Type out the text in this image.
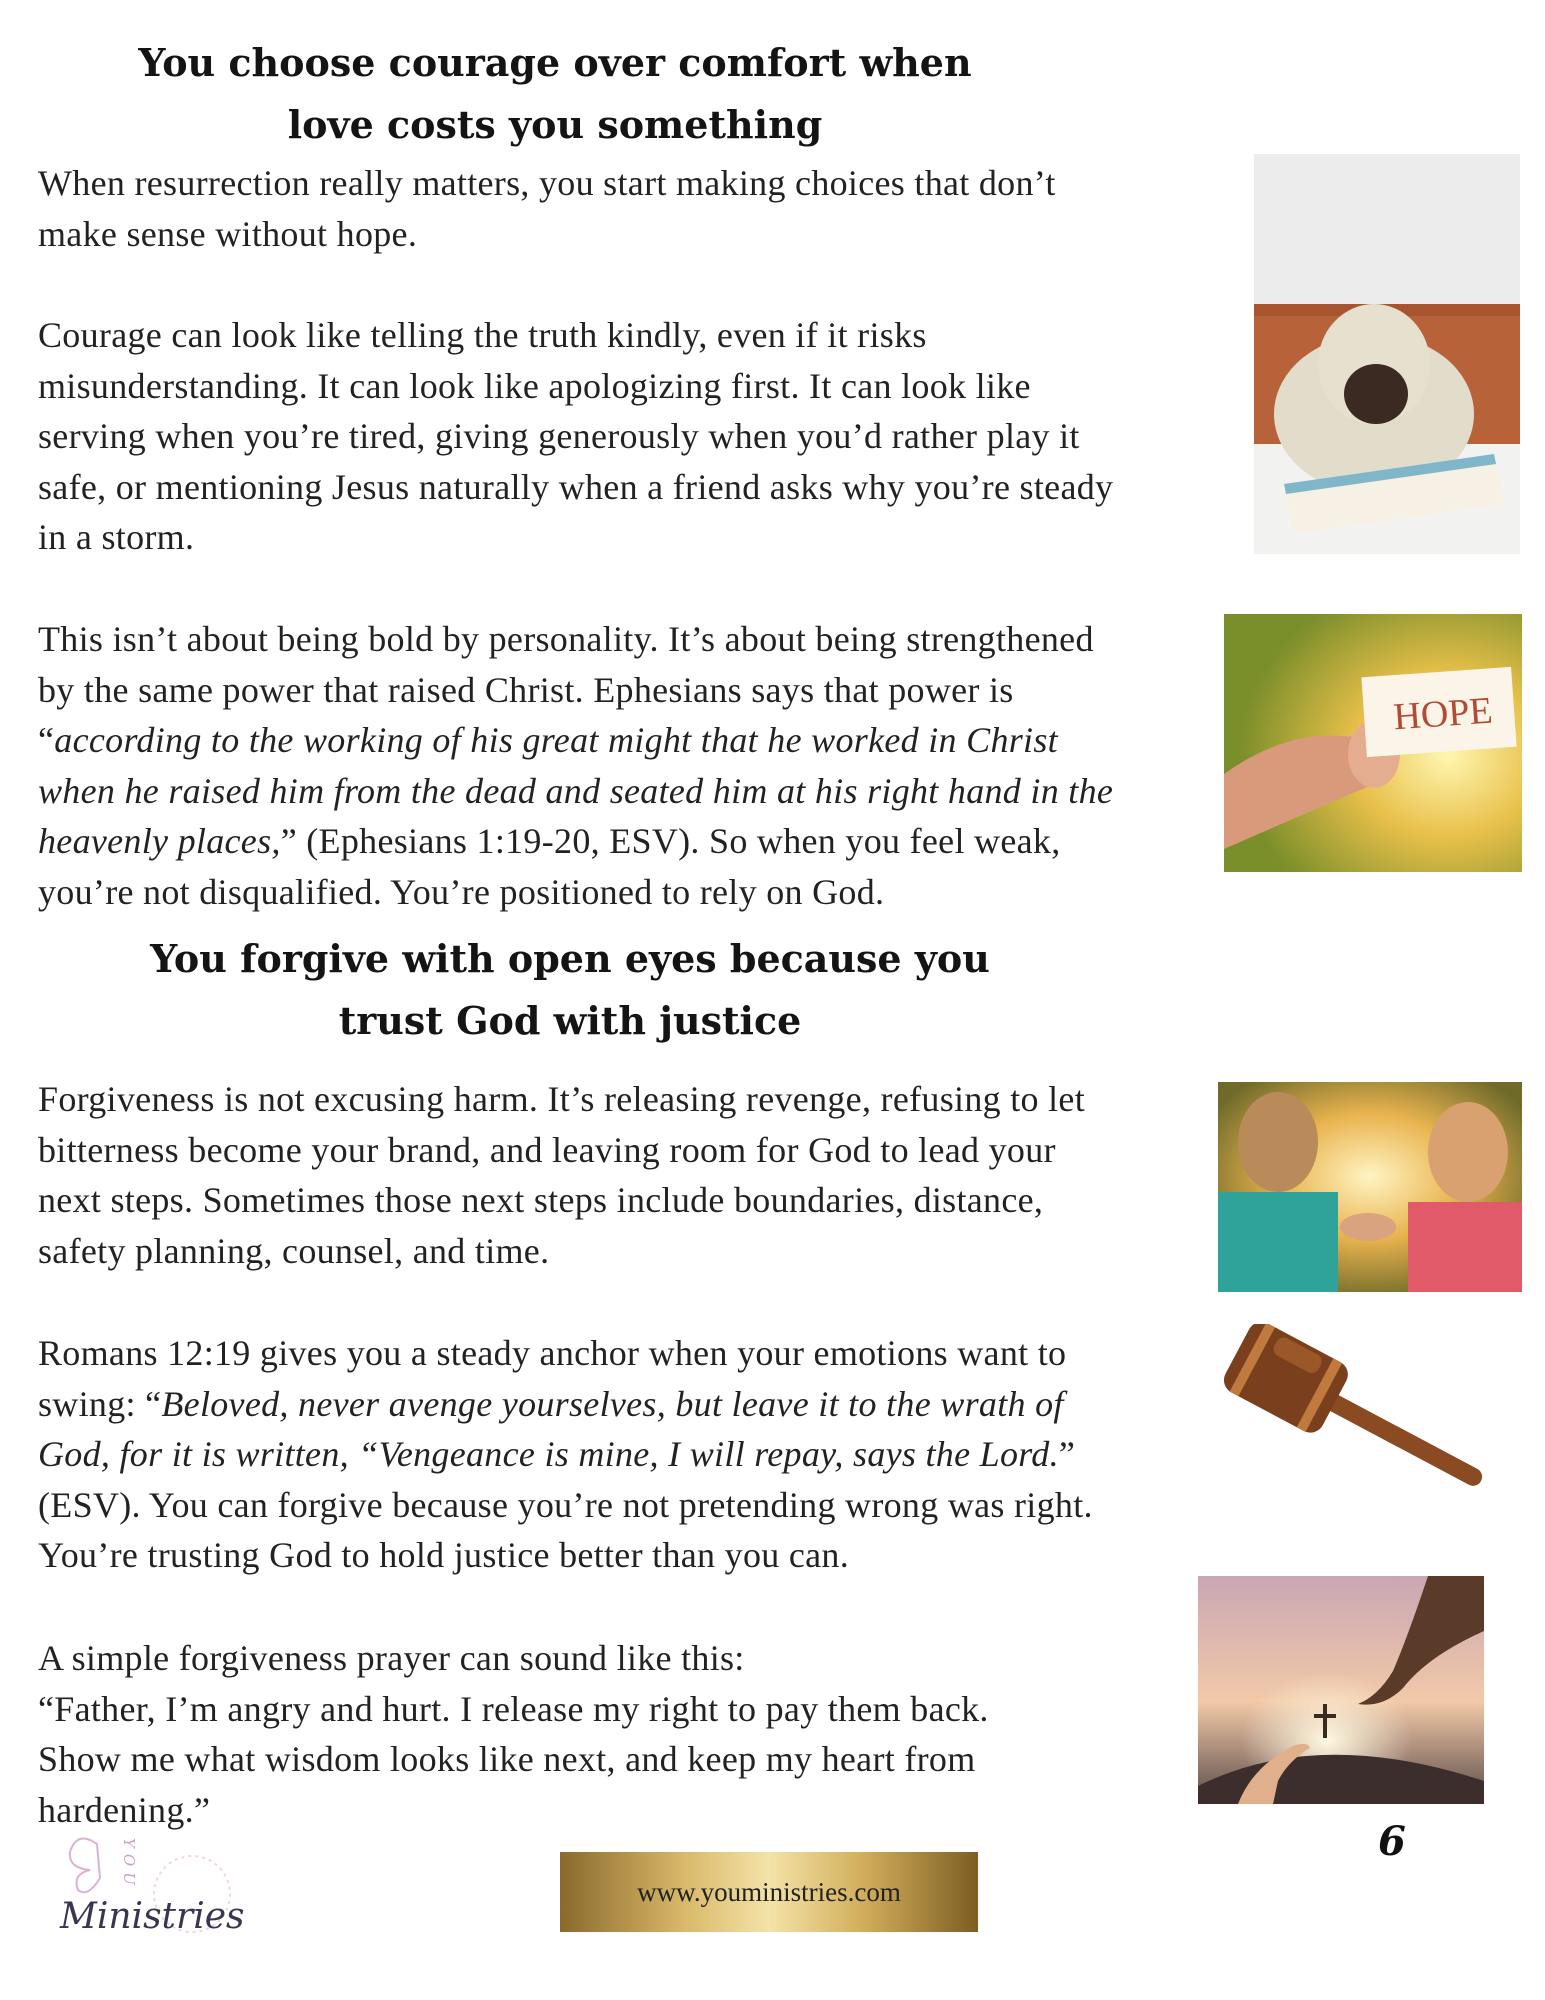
You choose courage over comfort when
love costs you something

When resurrection really matters, you start making choices that don’t

make sense without hope.

Courage can look like telling the truth kindly, even if it risks

misunderstanding. It can look like apologizing first. It can look like

serving when you’re tired, giving generously when you’d rather play it

safe, or mentioning Jesus naturally when a friend asks why you’re steady

in a storm.

This isn’t about being bold by personality. It’s about being strengthened

by the same power that raised Christ. Ephesians says that power is

“according to the working of his great might that he worked in Christ

when he raised him from the dead and seated him at his right hand in the

heavenly places,” (Ephesians 1:19-20, ESV). So when you feel weak,

you’re not disqualified. You’re positioned to rely on God.

You forgive with open eyes because you
trust God with justice

Forgiveness is not excusing harm. It’s releasing revenge, refusing to let

bitterness become your brand, and leaving room for God to lead your

next steps. Sometimes those next steps include boundaries, distance,

safety planning, counsel, and time.

Romans 12:19 gives you a steady anchor when your emotions want to

swing: “Beloved, never avenge yourselves, but leave it to the wrath of

God, for it is written, “Vengeance is mine, I will repay, says the Lord.”

(ESV). You can forgive because you’re not pretending wrong was right.

You’re trusting God to hold justice better than you can.

A simple forgiveness prayer can sound like this:

“Father, I’m angry and hurt. I release my right to pay them back.

Show me what wisdom looks like next, and keep my heart from

hardening.”

HOPE
6
www.youministries.com
YOU
Ministries
